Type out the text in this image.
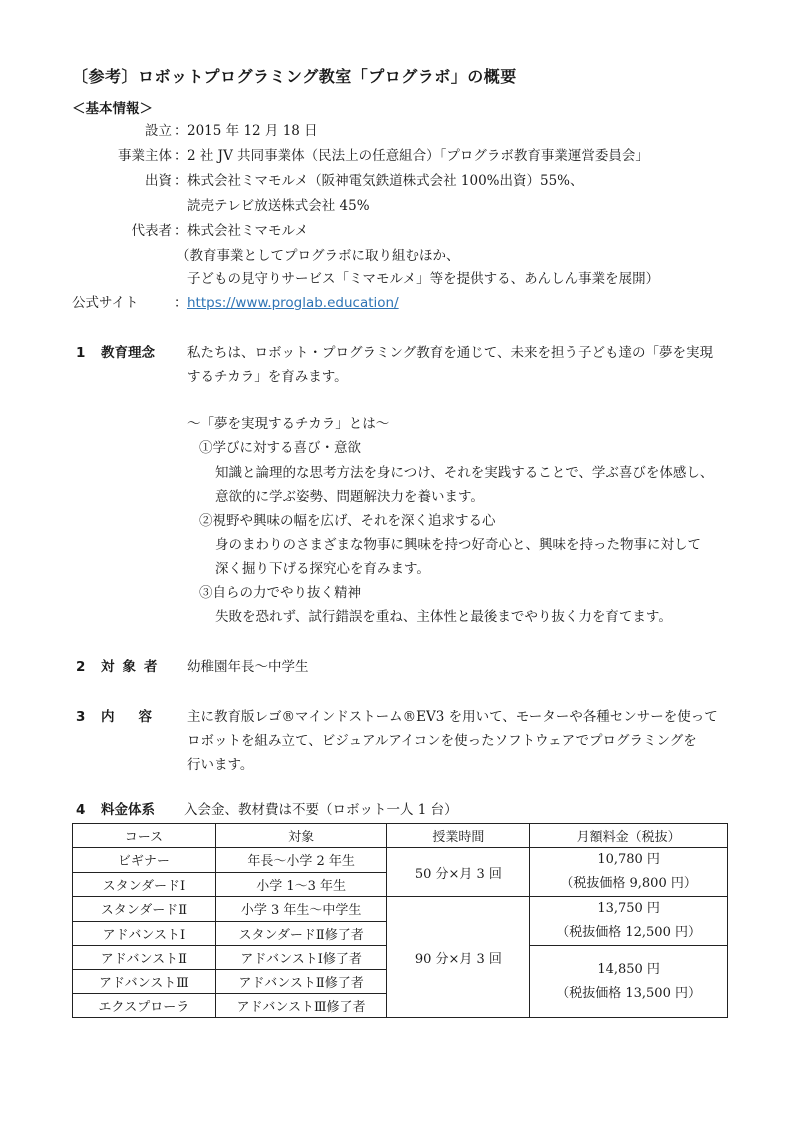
〔参考〕ロボットプログラミング教室「プログラボ」の概要
＜基本情報＞
設立 ： 2015 年 12 月 18 日
事業主体 ： 2 社 JV 共同事業体（民法上の任意組合）「プログラボ教育事業運営委員会」
出資 ： 株式会社ミマモルメ（阪神電気鉄道株式会社 100%出資）55%、
読売テレビ放送株式会社 45%
代表者 ： 株式会社ミマモルメ
（教育事業としてプログラボに取り組むほか、
子どもの見守りサービス「ミマモルメ」等を提供する、あんしん事業を展開）
公式サイト	： https://www.proglab.education/
1 教育理念 私たちは、ロボット・プログラミング教育を通じて、未来を担う子ども達の「夢を実現
するチカラ」を育みます。
～「夢を実現するチカラ」とは～
①学びに対する喜び・意欲
知識と論理的な思考方法を身につけ、それを実践することで、学ぶ喜びを体感し、
意欲的に学ぶ姿勢、問題解決力を養います。
②視野や興味の幅を広げ、それを深く追求する心
身のまわりのさまざまな物事に興味を持つ好奇心と、興味を持った物事に対して
深く掘り下げる探究心を育みます。
③自らの力でやり抜く精神
失敗を恐れず、試行錯誤を重ね、主体性と最後までやり抜く力を育てます。
2 対象者 幼稚園年長～中学生
3 内容 主に教育版レゴ®マインドストーム®EV3 を用いて、モーターや各種センサーを使って
ロボットを組み立て、ビジュアルアイコンを使ったソフトウェアでプログラミングを
行います。
4 料金体系 入会金、教材費は不要（ロボット一人 1 台）
コース	対象	授業時間	月額料金（税抜）
ビギナー	年長～小学 2 年生	50 分×月 3 回	10,780 円
（税抜価格 9,800 円）

スタンダードⅠ	小学 1～3 年生		
スタンダードⅡ	小学 3 年生～中学生	90 分×月 3 回	13,750 円
（税抜価格 12,500 円）

アドバンストⅠ	スタンダードⅡ修了者		
アドバンストⅡ	アドバンストⅠ修了者		14,850 円
（税抜価格 13,500 円）

アドバンストⅢ	アドバンストⅡ修了者		
エクスプローラ	アドバンストⅢ修了者		
